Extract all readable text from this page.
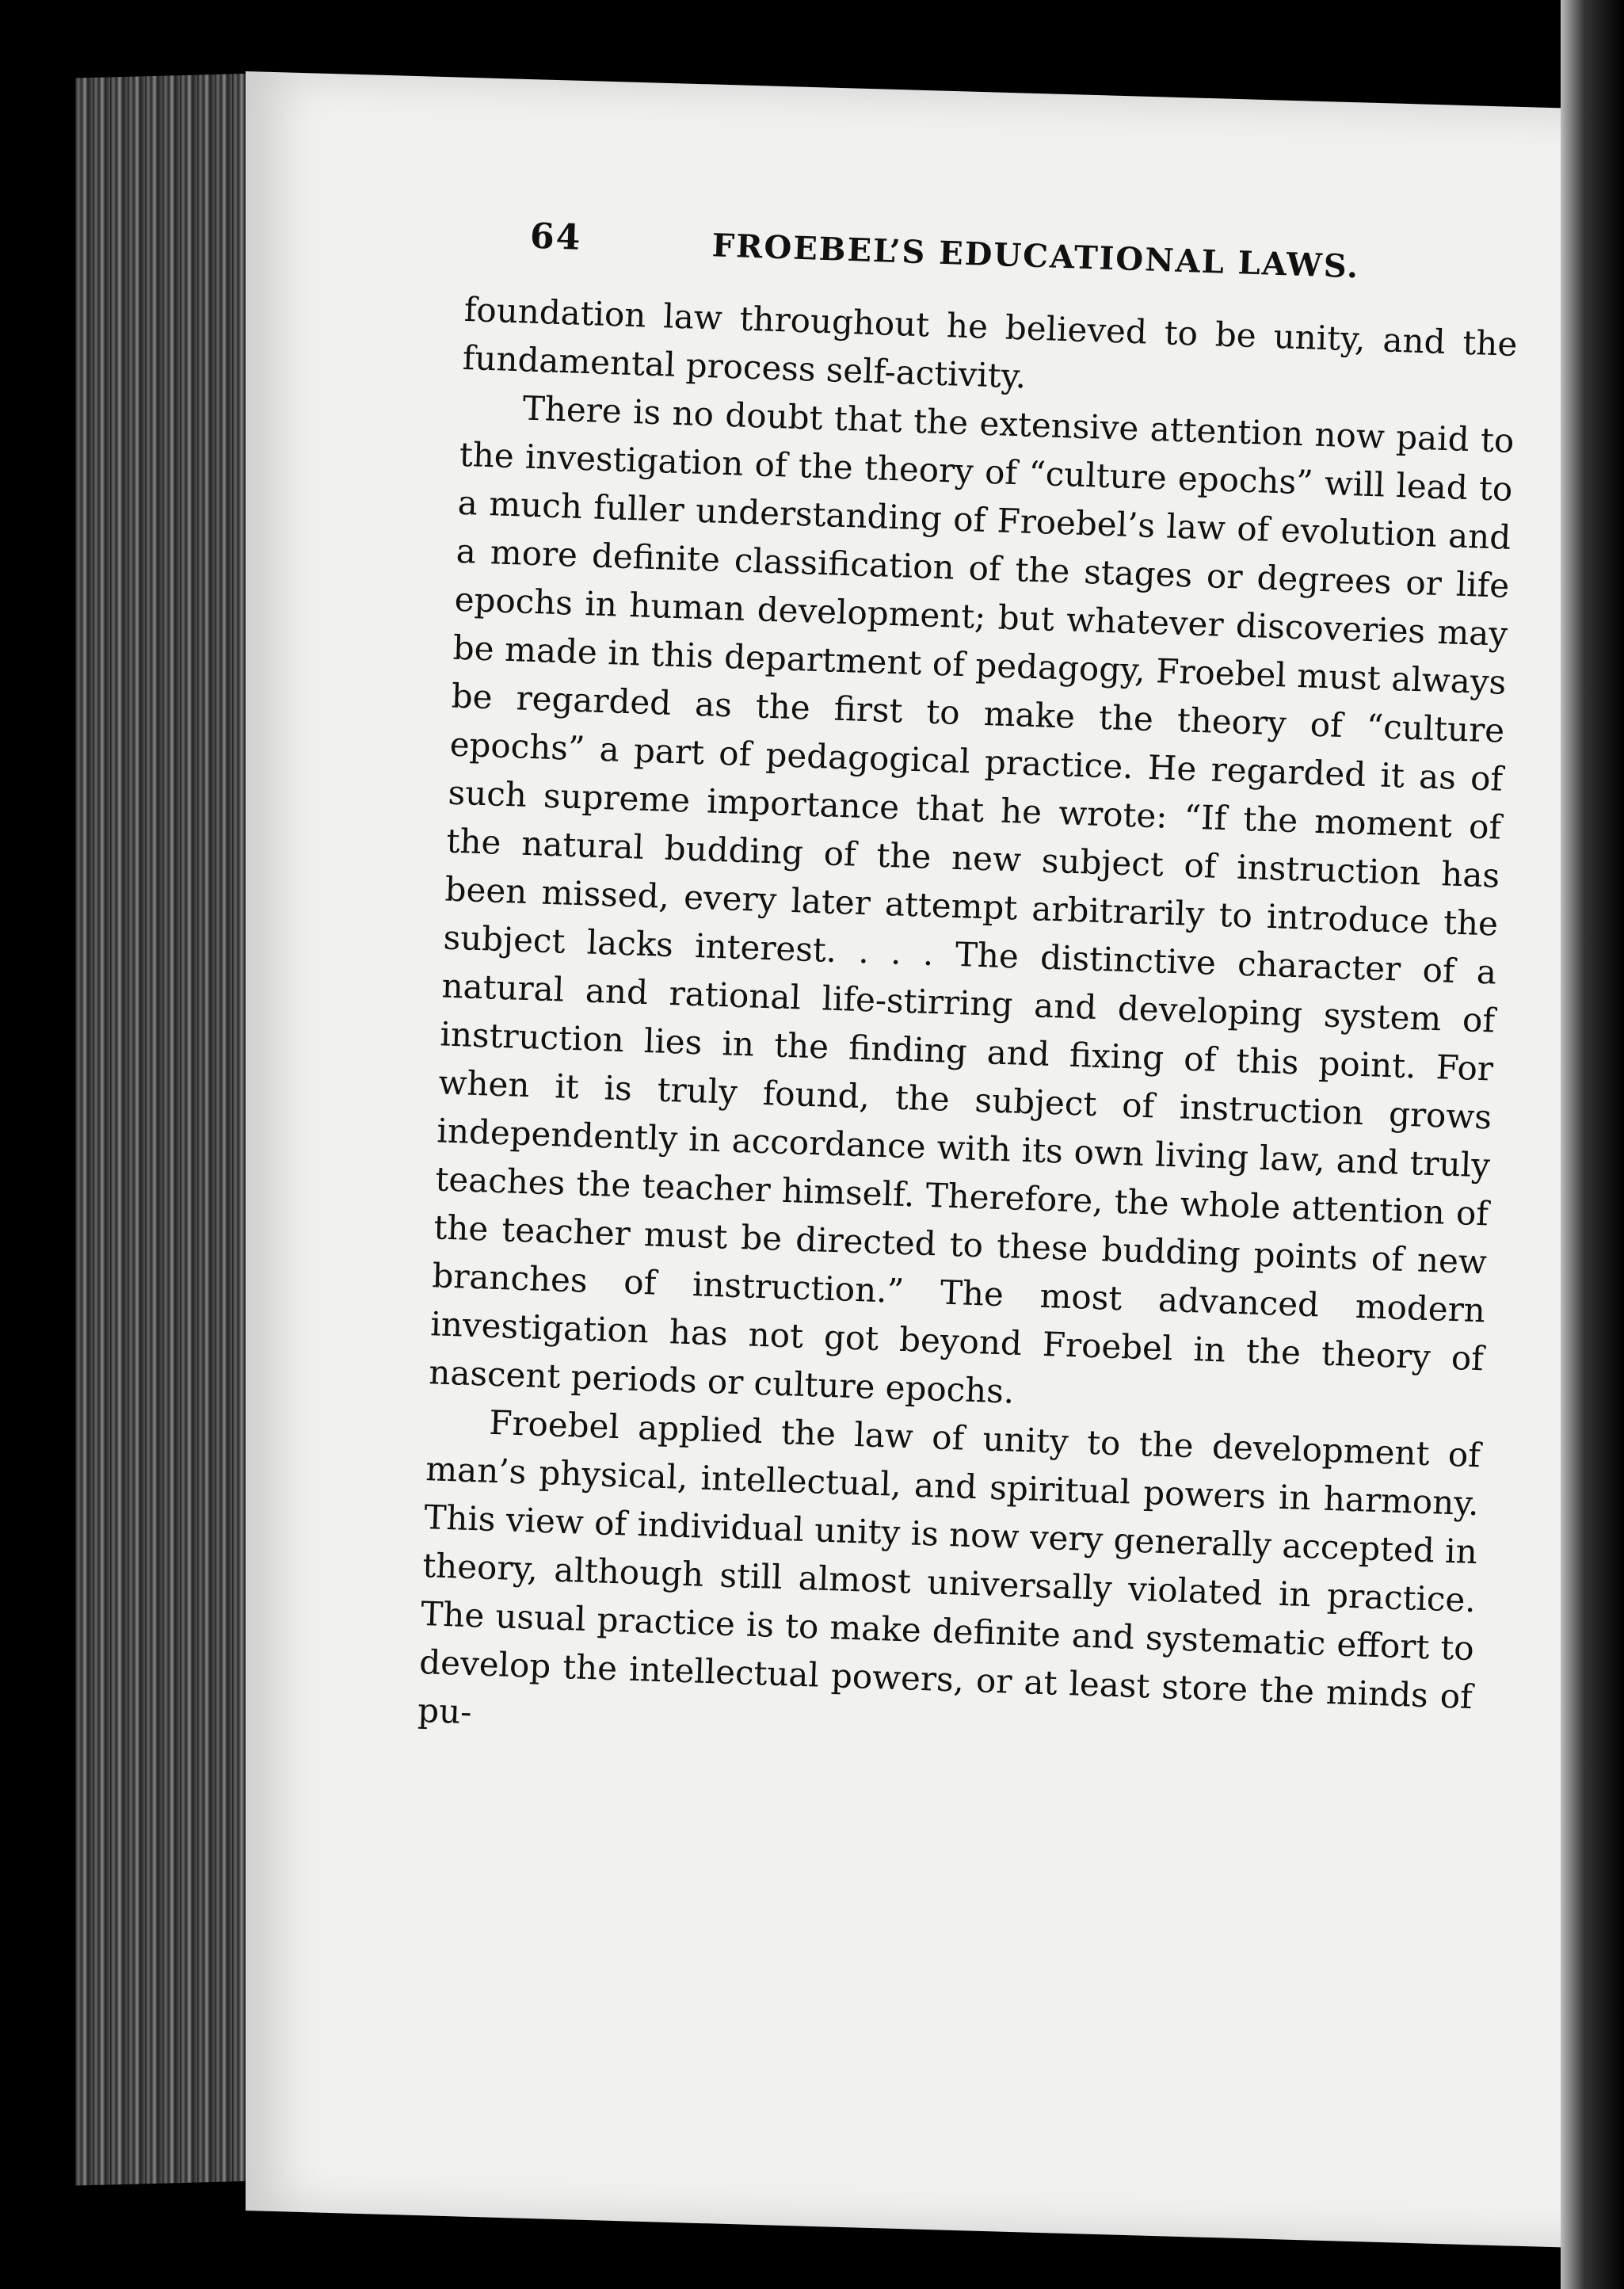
64	FROEBEL’S EDUCATIONAL LAWS.

foundation law throughout he believed to be unity, and the fundamental process self-activity.

There is no doubt that the extensive attention now paid to the investigation of the theory of “culture epochs” will lead to a much fuller understanding of Froebel’s law of evolution and a more definite classification of the stages or degrees or life epochs in human development; but whatever discoveries may be made in this department of pedagogy, Froebel must always be regarded as the first to make the theory of “culture epochs” a part of pedagogical practice. He regarded it as of such supreme importance that he wrote: “If the moment of the natural budding of the new subject of instruction has been missed, every later attempt arbitrarily to introduce the subject lacks interest. . . . The distinctive character of a natural and rational life-stirring and developing system of instruction lies in the finding and fixing of this point. For when it is truly found, the subject of instruction grows independently in accordance with its own living law, and truly teaches the teacher himself. Therefore, the whole attention of the teacher must be directed to these budding points of new branches of instruction.” The most advanced modern investigation has not got beyond Froebel in the theory of nascent periods or culture epochs.

Froebel applied the law of unity to the development of man’s physical, intellectual, and spiritual powers in harmony. This view of individual unity is now very generally accepted in theory, although still almost universally violated in practice. The usual practice is to make definite and systematic effort to develop the intellectual powers, or at least store the minds of pu-
